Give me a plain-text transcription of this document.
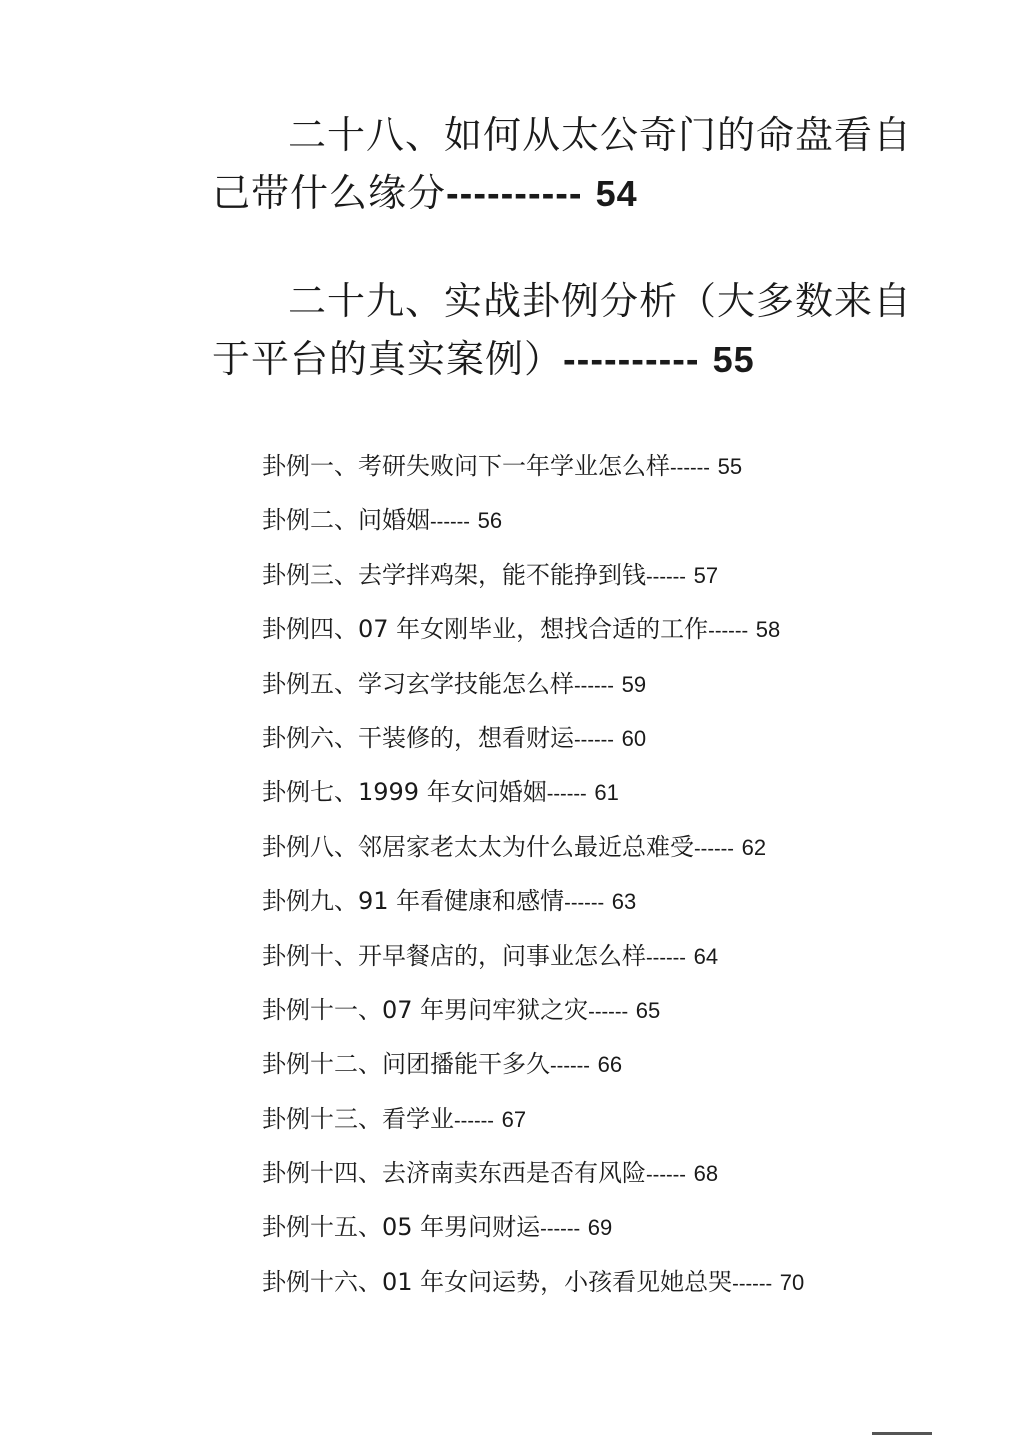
二十八、如何从太公奇门的命盘看自己带什么缘分---------- 54
二十九、实战卦例分析（大多数来自于平台的真实案例）---------- 55
卦例一、考研失败问下一年学业怎么样------ 55
卦例二、问婚姻------ 56
卦例三、去学拌鸡架，能不能挣到钱------ 57
卦例四、07 年女刚毕业，想找合适的工作------ 58
卦例五、学习玄学技能怎么样------ 59
卦例六、干装修的，想看财运------ 60
卦例七、1999 年女问婚姻------ 61
卦例八、邻居家老太太为什么最近总难受------ 62
卦例九、91 年看健康和感情------ 63
卦例十、开早餐店的，问事业怎么样------ 64
卦例十一、07 年男问牢狱之灾------ 65
卦例十二、问团播能干多久------ 66
卦例十三、看学业------ 67
卦例十四、去济南卖东西是否有风险------ 68
卦例十五、05 年男问财运------ 69
卦例十六、01 年女问运势，小孩看见她总哭------ 70
